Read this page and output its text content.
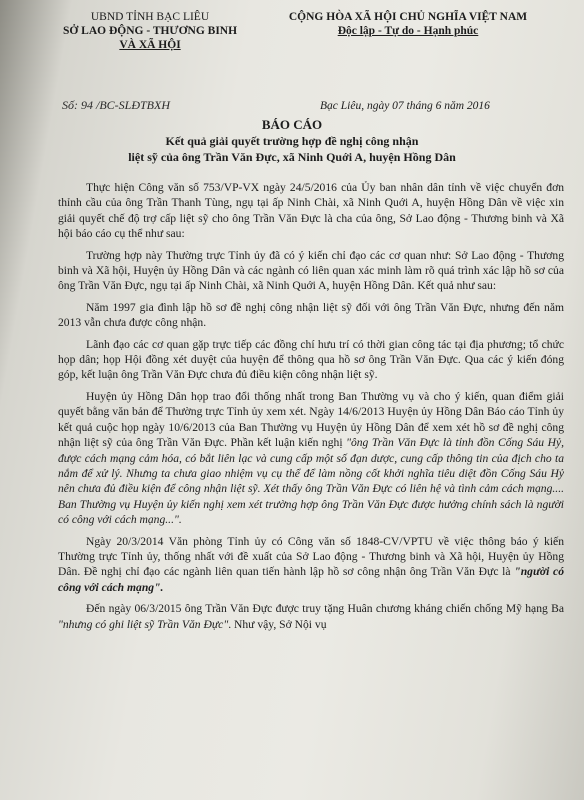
UBND TỈNH BẠC LIÊU
SỞ LAO ĐỘNG - THƯƠNG BINH
VÀ XÃ HỘI
CỘNG HÒA XÃ HỘI CHỦ NGHĨA VIỆT NAM
Độc lập - Tự do - Hạnh phúc
Số: 94 /BC-SLĐTBXH	Bạc Liêu, ngày 07 tháng 6 năm 2016
BÁO CÁO
Kết quả giải quyết trường hợp đề nghị công nhận
liệt sỹ của ông Trần Văn Đực, xã Ninh Quới A, huyện Hồng Dân

Thực hiện Công văn số 753/VP-VX ngày 24/5/2016 của Ủy ban nhân dân tỉnh về việc chuyển đơn thỉnh cầu của ông Trần Thanh Tùng, ngụ tại ấp Ninh Chài, xã Ninh Quới A, huyện Hồng Dân về việc xin giải quyết chế độ trợ cấp liệt sỹ cho ông Trần Văn Đực là cha của ông, Sở Lao động - Thương binh và Xã hội báo cáo cụ thể như sau:

Trường hợp này Thường trực Tỉnh ủy đã có ý kiến chỉ đạo các cơ quan như: Sở Lao động - Thương binh và Xã hội, Huyện ủy Hồng Dân và các ngành có liên quan xác minh làm rõ quá trình xác lập hồ sơ của ông Trần Văn Đực, ngụ tại ấp Ninh Chài, xã Ninh Quới A, huyện Hồng Dân. Kết quả như sau:

Năm 1997 gia đình lập hồ sơ đề nghị công nhận liệt sỹ đối với ông Trần Văn Đực, nhưng đến năm 2013 vẫn chưa được công nhận.

Lãnh đạo các cơ quan gặp trực tiếp các đồng chí hưu trí có thời gian công tác tại địa phương; tổ chức họp dân; họp Hội đồng xét duyệt của huyện để thông qua hồ sơ ông Trần Văn Đực. Qua các ý kiến đóng góp, kết luận ông Trần Văn Đực chưa đủ điều kiện công nhận liệt sỹ.

Huyện ủy Hồng Dân họp trao đổi thống nhất trong Ban Thường vụ và cho ý kiến, quan điểm giải quyết bằng văn bản để Thường trực Tỉnh ủy xem xét. Ngày 14/6/2013 Huyện ủy Hồng Dân Báo cáo Tỉnh ủy kết quả cuộc họp ngày 10/6/2013 của Ban Thường vụ Huyện ủy Hồng Dân để xem xét hồ sơ đề nghị công nhận liệt sỹ của ông Trần Văn Đực. Phần kết luận kiến nghị "ông Trần Văn Đực là tỉnh đồn Cống Sáu Hỷ, được cách mạng cảm hóa, có bắt liên lạc và cung cấp một số đạn dược, cung cấp thông tin của địch cho ta nắm để xử lý. Nhưng ta chưa giao nhiệm vụ cụ thể để làm nồng cốt khởi nghĩa tiêu diệt đồn Cống Sáu Hỷ nên chưa đủ điều kiện để công nhận liệt sỹ. Xét thấy ông Trần Văn Đực có liên hệ và tình cảm cách mạng.... Ban Thường vụ Huyện ủy kiến nghị xem xét trường hợp ông Trần Văn Đực được hưởng chính sách là người có công với cách mạng...".

Ngày 20/3/2014 Văn phòng Tỉnh ủy có Công văn số 1848-CV/VPTU về việc thông báo ý kiến Thường trực Tỉnh ủy, thống nhất với đề xuất của Sở Lao động - Thương binh và Xã hội, Huyện ủy Hồng Dân. Đề nghị chỉ đạo các ngành liên quan tiến hành lập hồ sơ công nhận ông Trần Văn Đực là "người có công với cách mạng".

Đến ngày 06/3/2015 ông Trần Văn Đực được truy tặng Huân chương kháng chiến chống Mỹ hạng Ba "nhưng có ghi liệt sỹ Trần Văn Đực". Như vậy, Sở Nội vụ
